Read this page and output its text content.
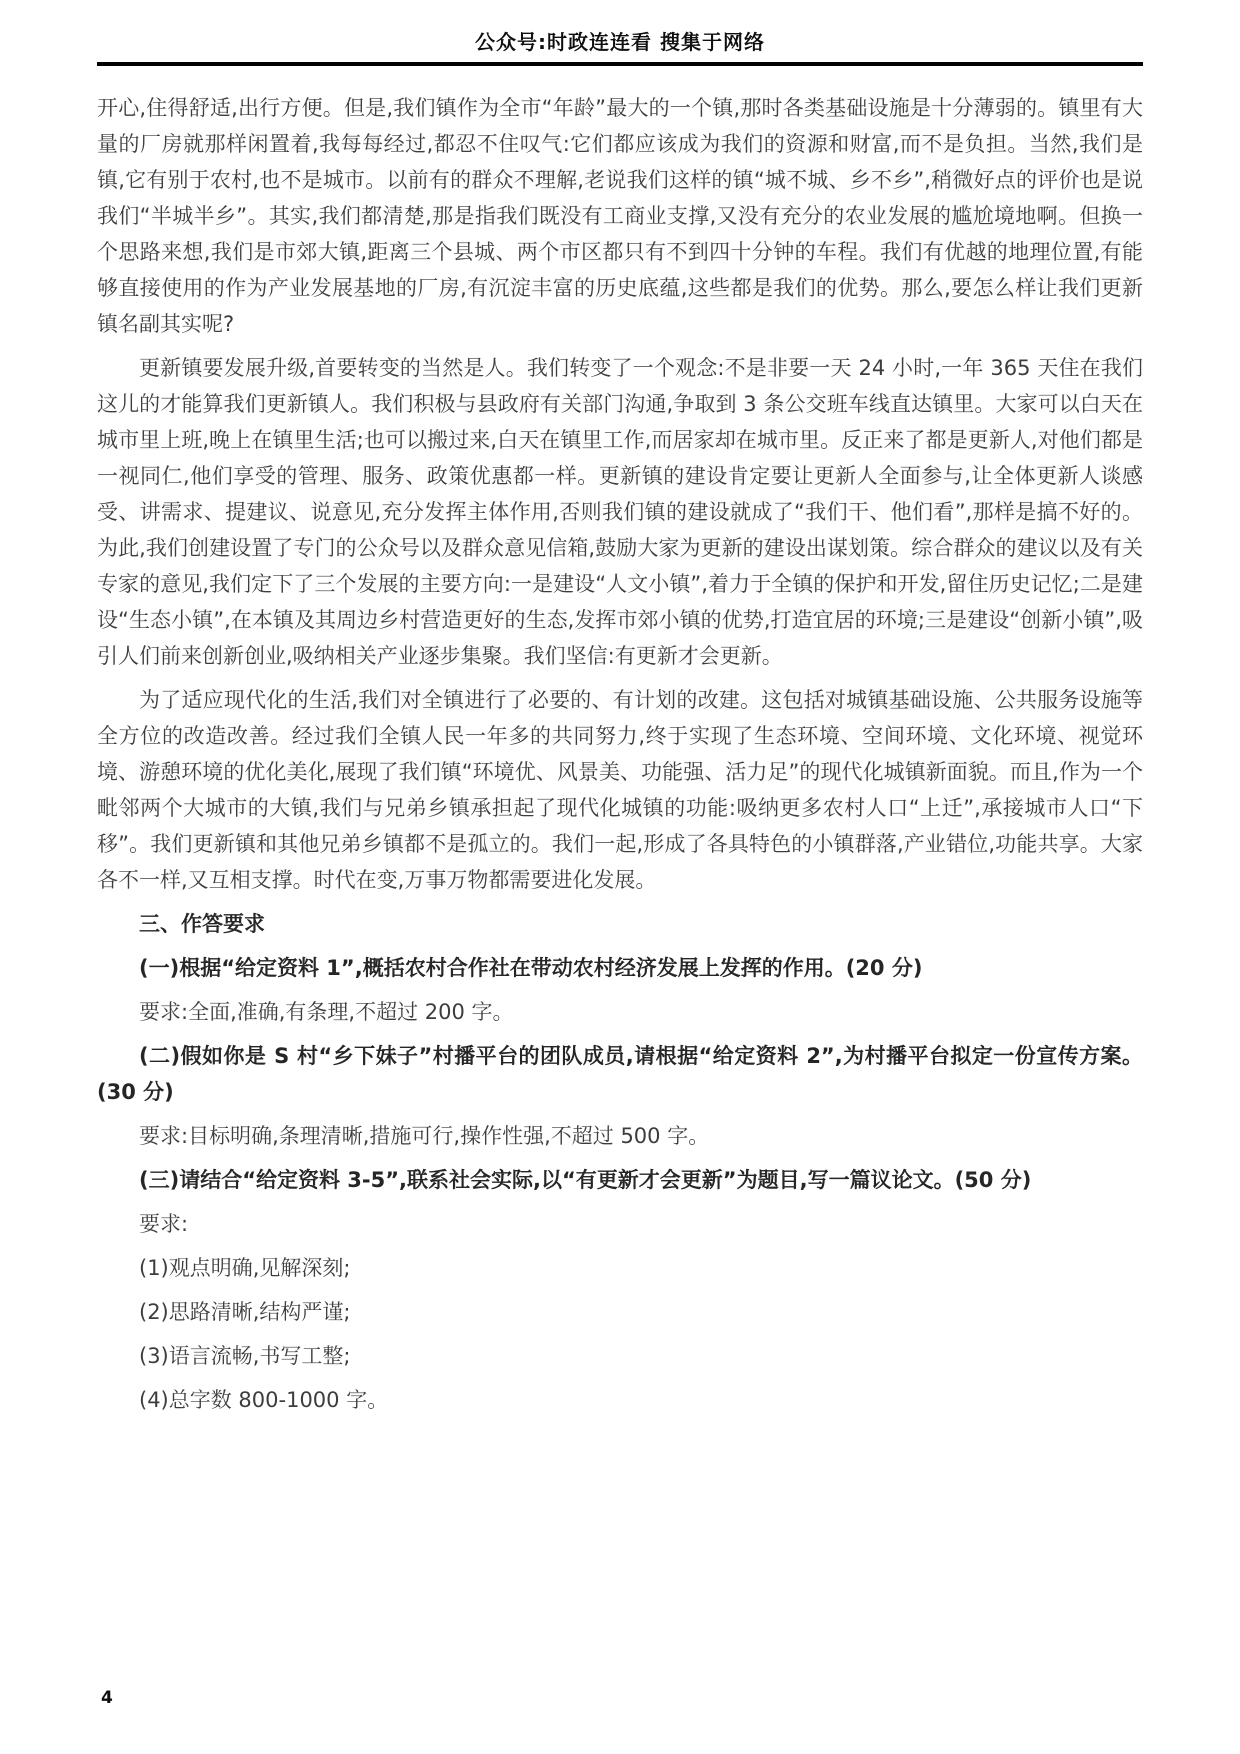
公众号:时政连连看 搜集于网络

开心,住得舒适,出行方便。但是,我们镇作为全市“年龄”最大的一个镇,那时各类基础设施是十分薄弱的。镇里有大量的厂房就那样闲置着,我每每经过,都忍不住叹气:它们都应该成为我们的资源和财富,而不是负担。当然,我们是镇,它有别于农村,也不是城市。以前有的群众不理解,老说我们这样的镇“城不城、乡不乡”,稍微好点的评价也是说我们“半城半乡”。其实,我们都清楚,那是指我们既没有工商业支撑,又没有充分的农业发展的尴尬境地啊。但换一个思路来想,我们是市郊大镇,距离三个县城、两个市区都只有不到四十分钟的车程。我们有优越的地理位置,有能够直接使用的作为产业发展基地的厂房,有沉淀丰富的历史底蕴,这些都是我们的优势。那么,要怎么样让我们更新镇名副其实呢?

更新镇要发展升级,首要转变的当然是人。我们转变了一个观念:不是非要一天 24 小时,一年 365 天住在我们这儿的才能算我们更新镇人。我们积极与县政府有关部门沟通,争取到 3 条公交班车线直达镇里。大家可以白天在城市里上班,晚上在镇里生活;也可以搬过来,白天在镇里工作,而居家却在城市里。反正来了都是更新人,对他们都是一视同仁,他们享受的管理、服务、政策优惠都一样。更新镇的建设肯定要让更新人全面参与,让全体更新人谈感受、讲需求、提建议、说意见,充分发挥主体作用,否则我们镇的建设就成了“我们干、他们看”,那样是搞不好的。为此,我们创建设置了专门的公众号以及群众意见信箱,鼓励大家为更新的建设出谋划策。综合群众的建议以及有关专家的意见,我们定下了三个发展的主要方向:一是建设“人文小镇”,着力于全镇的保护和开发,留住历史记忆;二是建设“生态小镇”,在本镇及其周边乡村营造更好的生态,发挥市郊小镇的优势,打造宜居的环境;三是建设“创新小镇”,吸引人们前来创新创业,吸纳相关产业逐步集聚。我们坚信:有更新才会更新。

为了适应现代化的生活,我们对全镇进行了必要的、有计划的改建。这包括对城镇基础设施、公共服务设施等全方位的改造改善。经过我们全镇人民一年多的共同努力,终于实现了生态环境、空间环境、文化环境、视觉环境、游憩环境的优化美化,展现了我们镇“环境优、风景美、功能强、活力足”的现代化城镇新面貌。而且,作为一个毗邻两个大城市的大镇,我们与兄弟乡镇承担起了现代化城镇的功能:吸纳更多农村人口“上迁”,承接城市人口“下移”。我们更新镇和其他兄弟乡镇都不是孤立的。我们一起,形成了各具特色的小镇群落,产业错位,功能共享。大家各不一样,又互相支撑。时代在变,万事万物都需要进化发展。

三、作答要求

(一)根据“给定资料 1”,概括农村合作社在带动农村经济发展上发挥的作用。(20 分)

要求:全面,准确,有条理,不超过 200 字。

(二)假如你是 S 村“乡下妹子”村播平台的团队成员,请根据“给定资料 2”,为村播平台拟定一份宣传方案。(30 分)

要求:目标明确,条理清晰,措施可行,操作性强,不超过 500 字。

(三)请结合“给定资料 3-5”,联系社会实际,以“有更新才会更新”为题目,写一篇议论文。(50 分)

要求:

(1)观点明确,见解深刻;

(2)思路清晰,结构严谨;

(3)语言流畅,书写工整;

(4)总字数 800-1000 字。

4
